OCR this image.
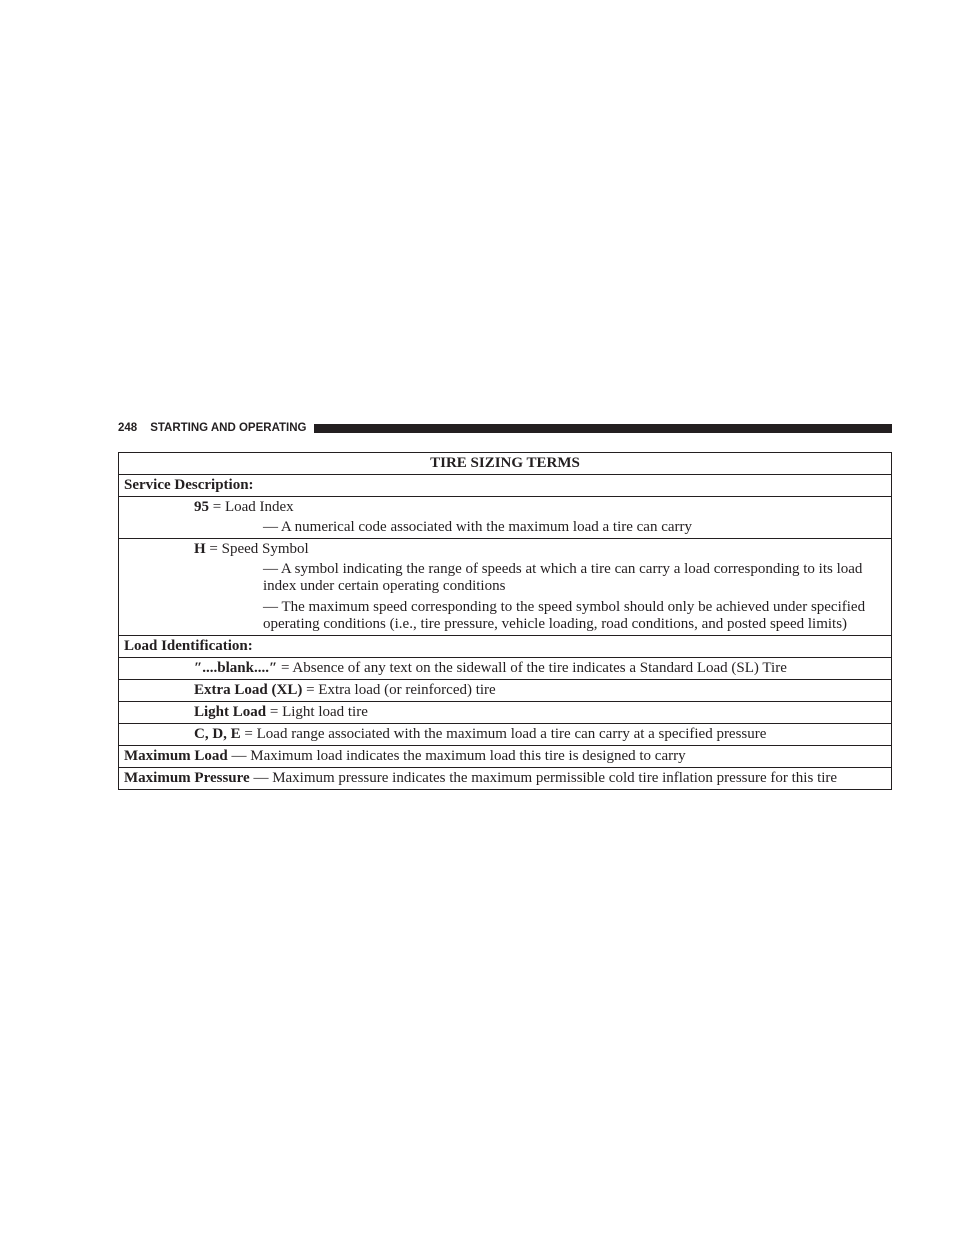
248 STARTING AND OPERATING
TIRE SIZING TERMS
Service Description:

95 = Load Index
— A numerical code associated with the maximum load a tire can carry

H = Speed Symbol
— A symbol indicating the range of speeds at which a tire can carry a load corresponding to its load index under certain operating conditions
— The maximum speed corresponding to the speed symbol should only be achieved under specified operating conditions (i.e., tire pressure, vehicle loading, road conditions, and posted speed limits)

Load Identification:

″....blank....″ = Absence of any text on the sidewall of the tire indicates a Standard Load (SL) Tire

Extra Load (XL) = Extra load (or reinforced) tire

Light Load = Light load tire

C, D, E = Load range associated with the maximum load a tire can carry at a specified pressure

Maximum Load — Maximum load indicates the maximum load this tire is designed to carry
Maximum Pressure — Maximum pressure indicates the maximum permissible cold tire inflation pressure for this tire
